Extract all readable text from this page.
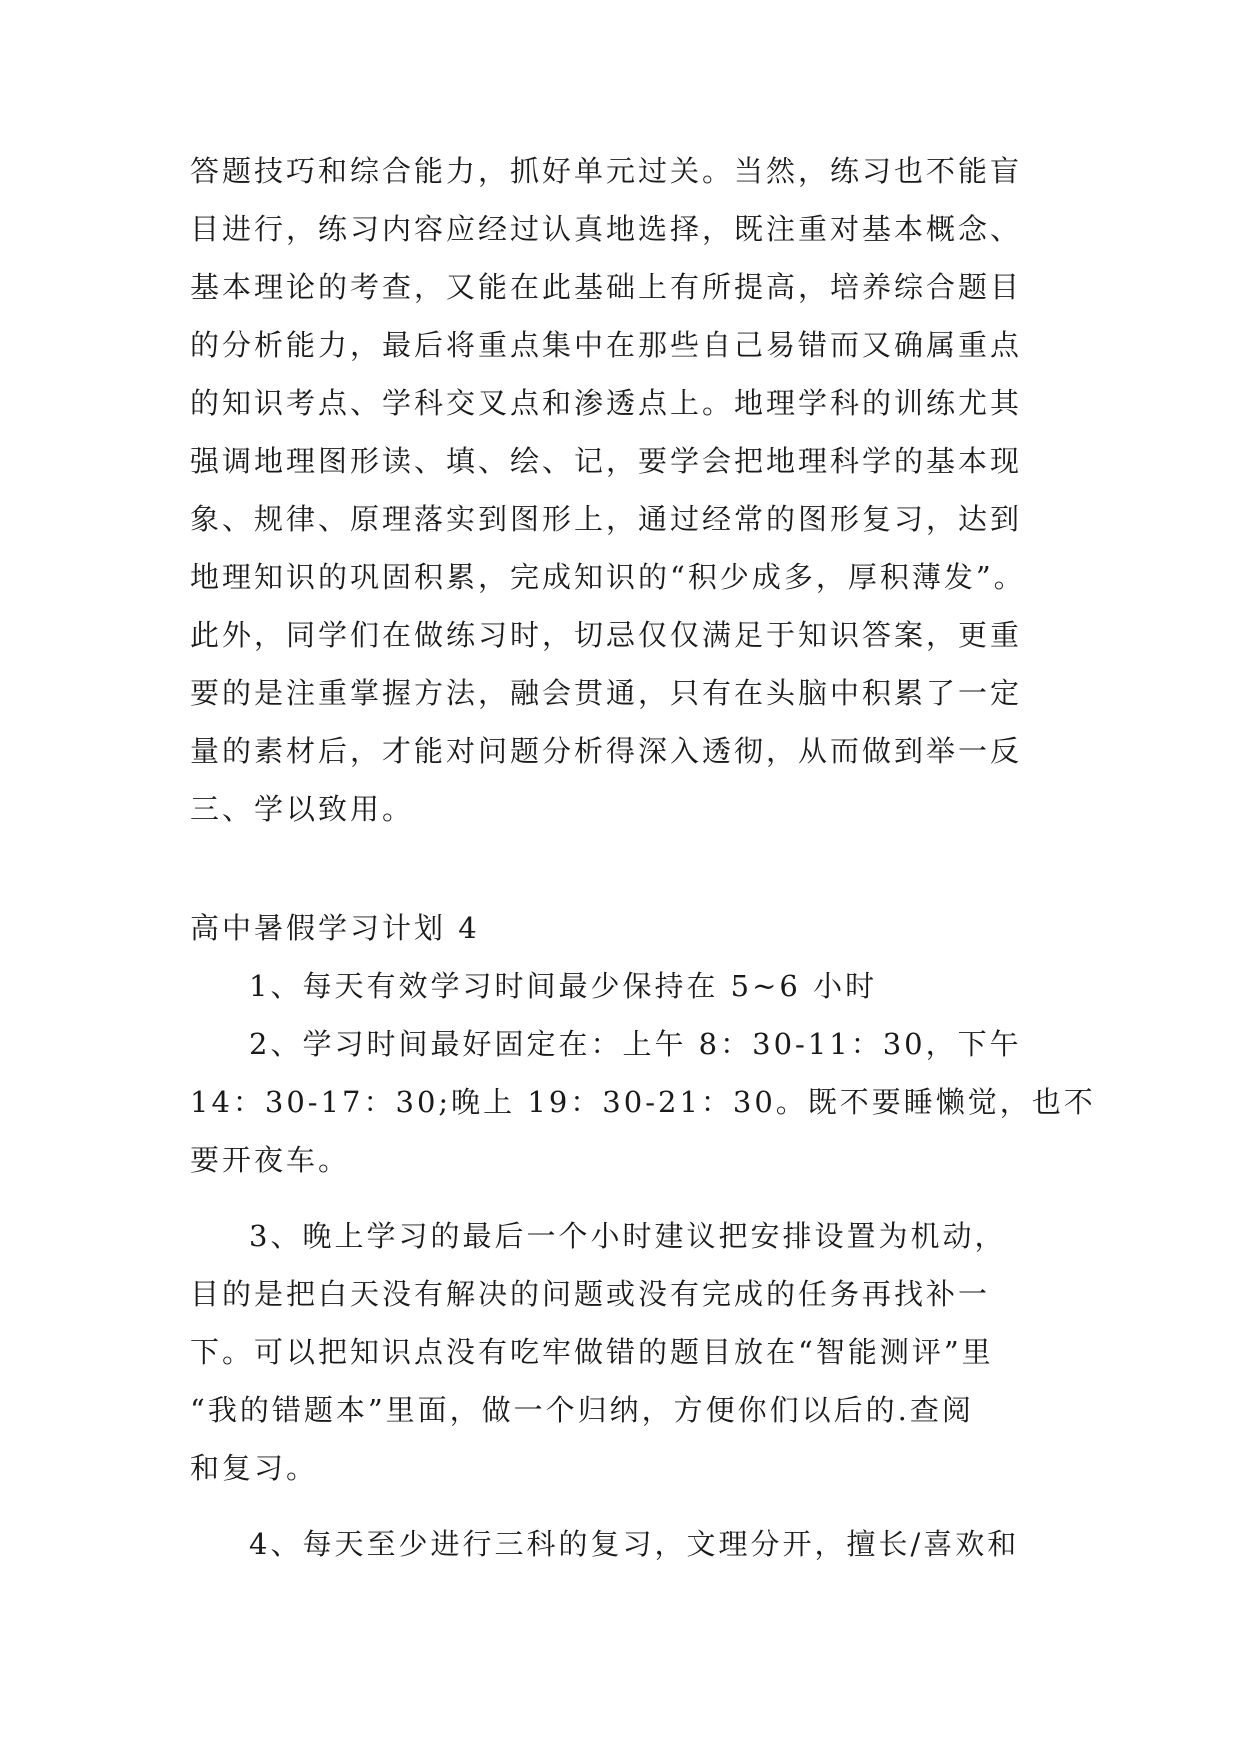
答题技巧和综合能力，抓好单元过关。当然，练习也不能盲
目进行，练习内容应经过认真地选择，既注重对基本概念、
基本理论的考查，又能在此基础上有所提高，培养综合题目
的分析能力，最后将重点集中在那些自己易错而又确属重点
的知识考点、学科交叉点和渗透点上。地理学科的训练尤其
强调地理图形读、填、绘、记，要学会把地理科学的基本现
象、规律、原理落实到图形上，通过经常的图形复习，达到
地理知识的巩固积累，完成知识的“积少成多，厚积薄发”。
此外，同学们在做练习时，切忌仅仅满足于知识答案，更重
要的是注重掌握方法，融会贯通，只有在头脑中积累了一定
量的素材后，才能对问题分析得深入透彻，从而做到举一反
三、学以致用。
高中暑假学习计划 4
1、每天有效学习时间最少保持在 5~6 小时
2、学习时间最好固定在：上午 8：30-11：30，下午
14：30-17：30;晚上 19：30-21：30。既不要睡懒觉，也不
要开夜车。
3、晚上学习的最后一个小时建议把安排设置为机动，
目的是把白天没有解决的问题或没有完成的任务再找补一
下。可以把知识点没有吃牢做错的题目放在“智能测评”里
“我的错题本”里面，做一个归纳，方便你们以后的.查阅
和复习。
4、每天至少进行三科的复习，文理分开，擅长/喜欢和
